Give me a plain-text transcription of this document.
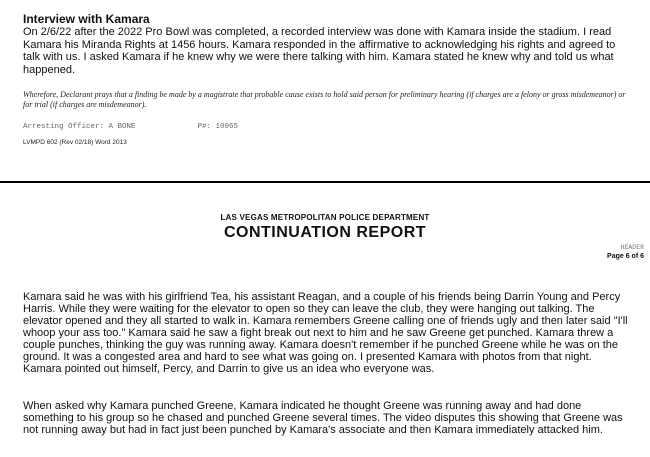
Interview with Kamara

On 2/6/22 after the 2022 Pro Bowl was completed, a recorded interview was done with Kamara inside the stadium. I read Kamara his Miranda Rights at 1456 hours. Kamara responded in the affirmative to acknowledging his rights and agreed to talk with us. I asked Kamara if he knew why we were there talking with him. Kamara stated he knew why and told us what happened.

Wherefore, Declarant prays that a finding be made by a magistrate that probable cause exists to hold said person for preliminary hearing (if charges are a felony or gross misdemeanor) or for trial (if charges are misdemeanor).

Arresting Officer: A BONE	P#: 10065

LVMPD 602 (Rev 02/18) Word 2013

LAS VEGAS METROPOLITAN POLICE DEPARTMENT

CONTINUATION REPORT

HEADER

Page 6 of 6

Kamara said he was with his girlfriend Tea, his assistant Reagan, and a couple of his friends being Darrin Young and Percy Harris. While they were waiting for the elevator to open so they can leave the club, they were hanging out talking. The elevator opened and they all started to walk in. Kamara remembers Greene calling one of friends ugly and then later said "I'll whoop your ass too." Kamara said he saw a fight break out next to him and he saw Greene get punched. Kamara threw a couple punches, thinking the guy was running away. Kamara doesn't remember if he punched Greene while he was on the ground. It was a congested area and hard to see what was going on. I presented Kamara with photos from that night. Kamara pointed out himself, Percy, and Darrin to give us an idea who everyone was.

When asked why Kamara punched Greene, Kamara indicated he thought Greene was running away and had done something to his group so he chased and punched Greene several times. The video disputes this showing that Greene was not running away but had in fact just been punched by Kamara's associate and then Kamara immediately attacked him.
